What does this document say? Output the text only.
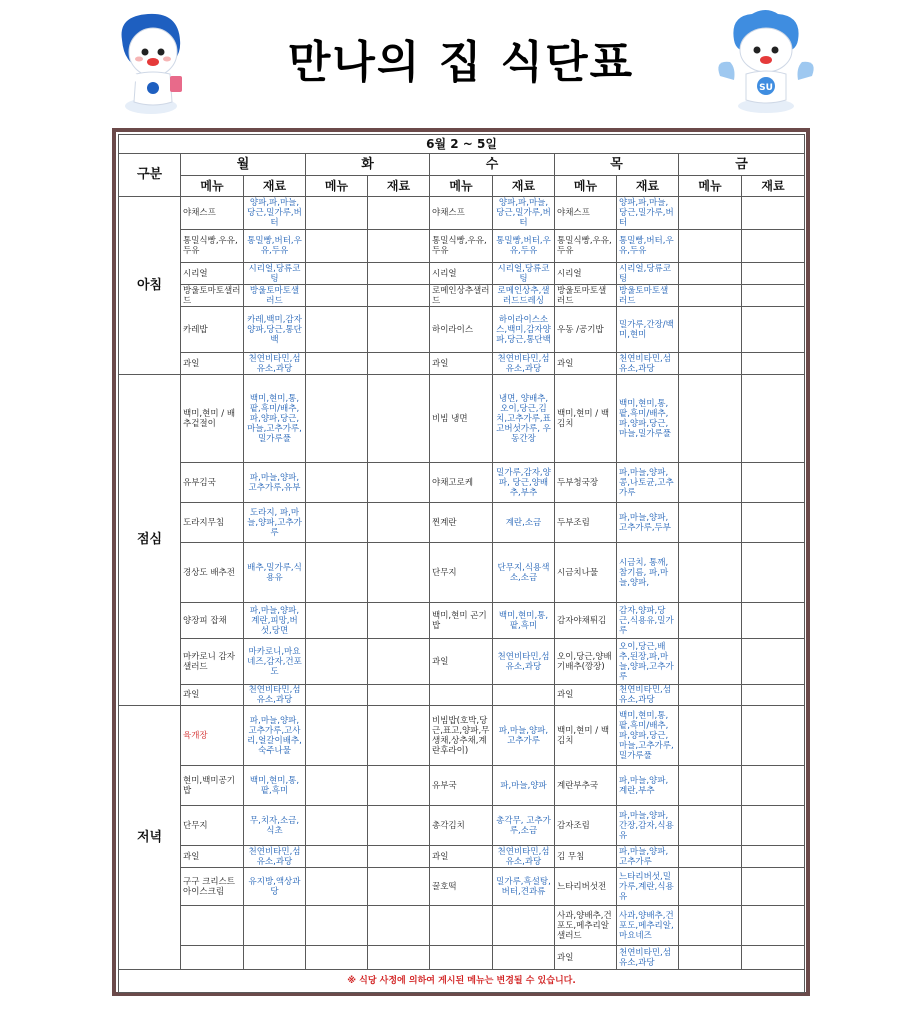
만나의 집 식단표	SU
6월 2 ~ 5일										
구분	월		화		수		목		금	
	메뉴	재료	메뉴	재료	메뉴	재료	메뉴	재료	메뉴	재료
아침	야채스프	양파,파,마늘,당근,밀가루,버터			야채스프	양파,파,마늘,당근,밀가루,버터	야채스프	양파,파,마늘,당근,밀가루,버터		
	통밀식빵,우유,두유	통밀빵,버터,우유,두유			통밀식빵,우유,두유	통밀빵,버터,우유,두유	통밀식빵,우유,두유	통밀빵,버터,우유,두유		
	시리얼	시리얼,당류코팅			시리얼	시리얼,당류코팅	시리얼	시리얼,당류코팅		
	방울토마토샐러드	방울토마토샐러드			로메인상추샐러드	로메인상추,샐러드드레싱	방울토마토샐러드	방울토마토샐러드		
	카레밥	카레,백미,감자양파,당근,통단백			하이라이스	하이라이스소스,백미,감자양파,당근,통단백	우동 /공기밥	밀가루,간장/백미,현미		
	과일	천연비타민,섬유소,과당			과일	천연비타민,섬유소,과당	과일	천연비타민,섬유소,과당		
점심	백미,현미 / 배추겉절이	백미,현미,통,팥,흑미/배추,파,양파,당근,마늘,고추가루,밀가루풀			비빔 냉면	냉면, 양배추,오이,당근,김치,고추가루,표고버섯가루, 우동간장	백미,현미 / 백김치	백미,현미,통,팥,흑미/배추,파,양파,당근,마늘,밀가루풀		
	유부김국	파,마늘,양파,고추가루,유부			야채고로케	밀가루,감자,양파, 당근,양배추,부추	두부청국장	파,마늘,양파,콩,나토균,고추가루		
	도라지무침	도라지, 파,마늘,양파,고추가루			찐계란	계란,소금	두부조림	파,마늘,양파,고추가루,두부		
	경상도 배추전	배추,밀가루,식용유			단무지	단무지,식용색소,소금	시금치나물	시금치, 통깨,참기름, 파,마늘,양파,		
	양장피 잡채	파,마늘,양파,계란,피망,버섯,당면			백미,현미 곤기밥	백미,현미,통,팥,흑미	감자야채튀김	감자,양파,당근,식용유,밀가루		
	마카로니 감자 샐러드	마카로니,마요네즈,감자,건포도			과일	천연비타민,섬유소,과당	오이,당근,양배기배추(깡장)	오이,당근,배추,된장,파,마늘,양파,고추가루		
	과일	천연비타민,섬유소,과당					과일	천연비타민,섬유소,과당		
저녁	육개장	파,마늘,양파,고추가루,고사리,얼갈이배추,숙주나물			비빔밥(호박,당근,표고,양파,무생채,상추채,계란후라이)	파,마늘,양파,고추가루	백미,현미 / 백김치	백미,현미,통,팥,흑미/배추,파,양파,당근,마늘,고추가루,밀가루풀		
	현미,백미공기밥	백미,현미,통,팥,흑미			유부국	파,마늘,양파	계란부추국	파,마늘,양파,계란,부추		
	단무지	무,치자,소금,식초			총각김치	총각무, 고추가루,소금	감자조림	파,마늘,양파,간장,감자,식용유		
	과일	천연비타민,섬유소,과당			과일	천연비타민,섬유소,과당	김 무침	파,마늘,양파,고추가루		
	구구 크리스트 아이스크림	유지방,액상과당			꿀호떡	밀가루,흑설탕,버터,견과류	느타리버섯전	느타리버섯,밀가루,계란,식용유		
							사과,양배추,건포도,메추리알샐러드	사과,양배추,건포도,메추리알,마요네즈		
							과일	천연비타민,섬유소,과당		
※ 식당 사정에 의하여 게시된 메뉴는 변경될 수 있습니다.										
